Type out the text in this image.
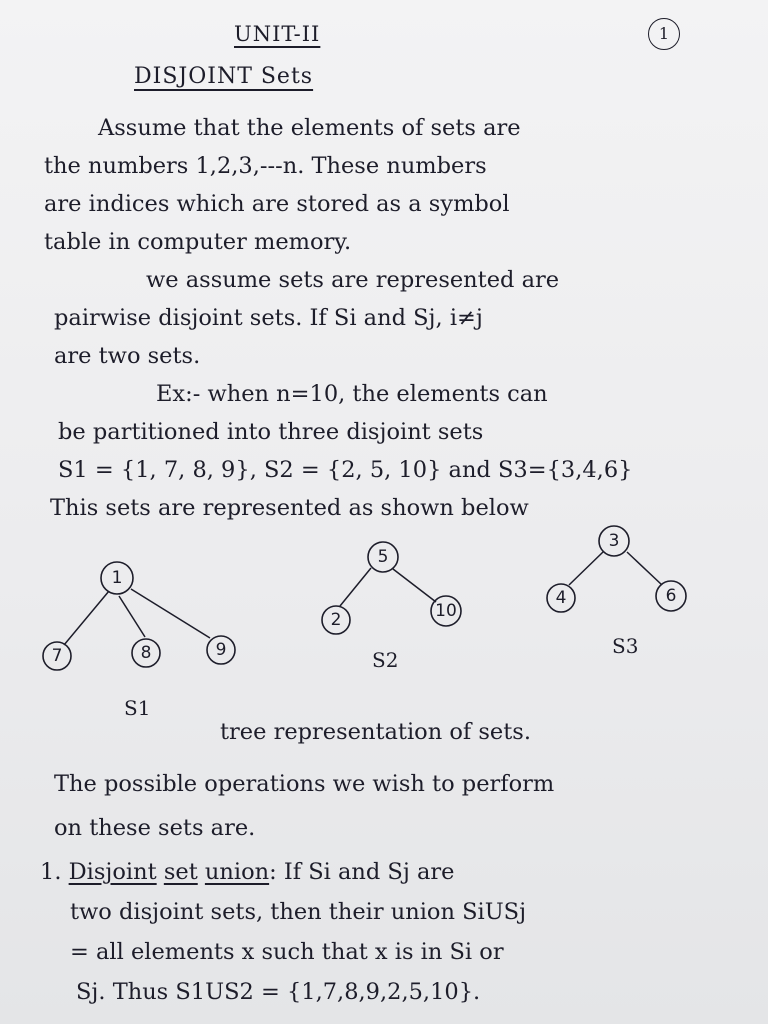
1
UNIT-II
DISJOINT Sets
Assume that the elements of sets are
the numbers 1,2,3,---n. These numbers
are indices which are stored as a symbol
table in computer memory.
we assume sets are represented are
pairwise disjoint sets. If Si and Sj, i≠j
are two sets.
Ex:- when n=10, the elements can
be partitioned into three disjoint sets
S1 = {1, 7, 8, 9}, S2 = {2, 5, 10} and S3={3,4,6}
This sets are represented as shown below
1
7	8	9
5
2	10
3
4	6
S1
S2
S3
tree representation of sets.
The possible operations we wish to perform
on these sets are.
1. Disjoint set union: If Si and Sj are
two disjoint sets, then their union SiUSj
= all elements x such that x is in Si or
Sj. Thus S1US2 = {1,7,8,9,2,5,10}.
